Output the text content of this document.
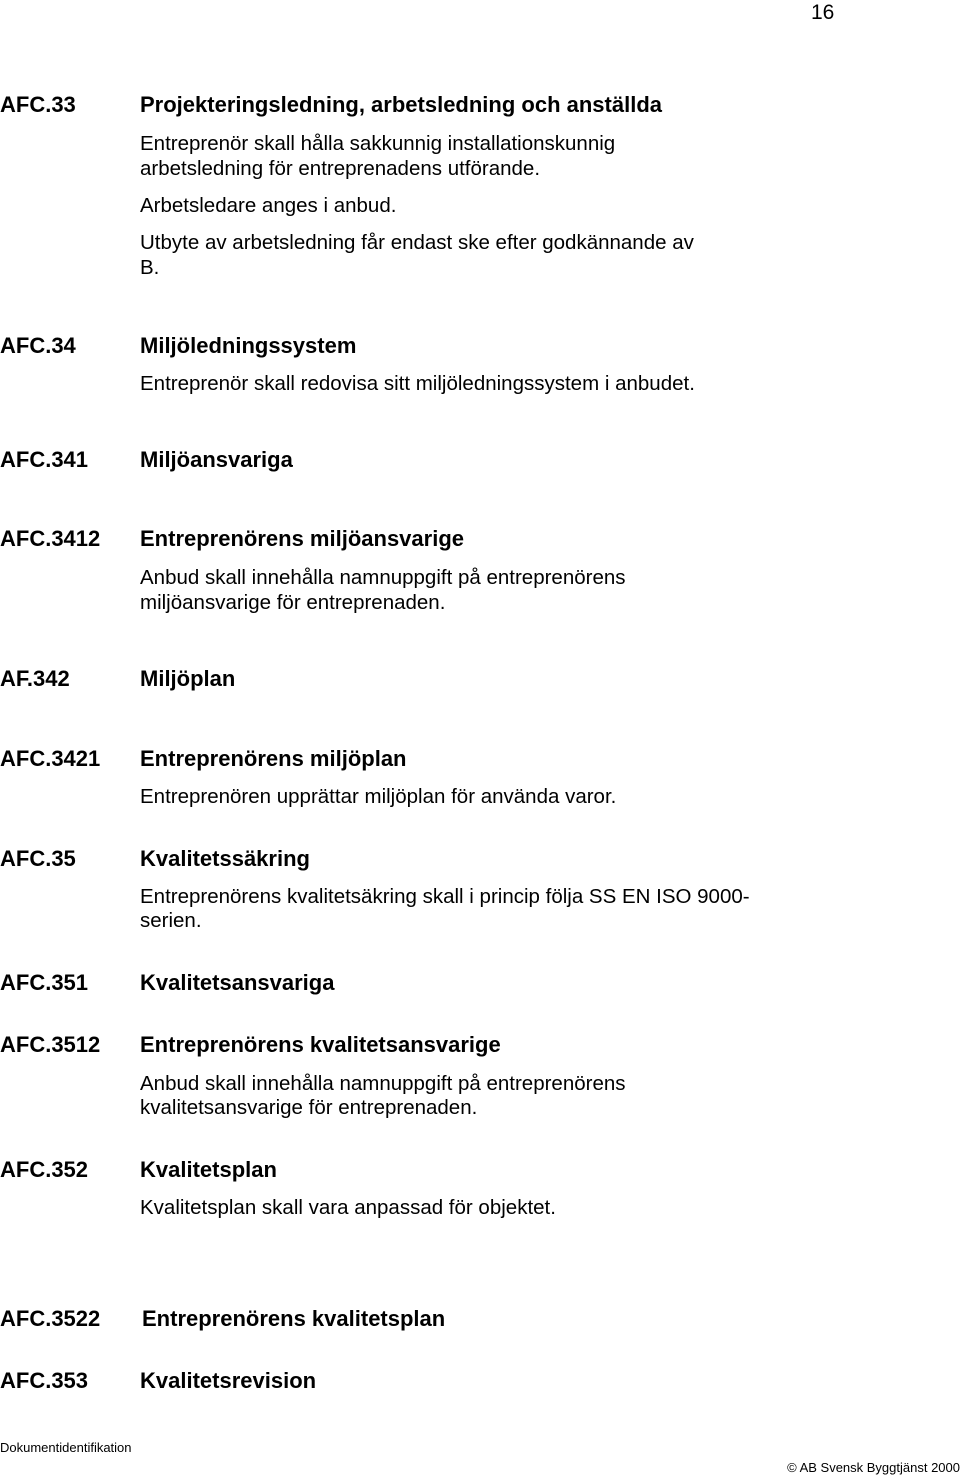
16
AFC.33	Projekteringsledning, arbetsledning och anställda
Entreprenör skall hålla sakkunnig installationskunnig
arbetsledning för entreprenadens utförande.
Arbetsledare anges i anbud.
Utbyte av arbetsledning får endast ske efter godkännande av
B.
AFC.34	Miljöledningssystem
Entreprenör skall redovisa sitt miljöledningssystem i anbudet.
AFC.341 Miljöansvariga
AFC.3412 Entreprenörens miljöansvarige
Anbud skall innehålla namnuppgift på entreprenörens
miljöansvarige för entreprenaden.
AF.342	Miljöplan
AFC.3421 Entreprenörens miljöplan
Entreprenören upprättar miljöplan för använda varor.
AFC.35	Kvalitetssäkring
Entreprenörens kvalitetsäkring skall i princip följa SS EN ISO 9000-
serien.
AFC.351 Kvalitetsansvariga
AFC.3512 Entreprenörens kvalitetsansvarige
Anbud skall innehålla namnuppgift på entreprenörens
kvalitetsansvarige för entreprenaden.
AFC.352 Kvalitetsplan
Kvalitetsplan skall vara anpassad för objektet.
AFC.3522 Entreprenörens kvalitetsplan
AFC.353 Kvalitetsrevision
Dokumentidentifikation
© AB Svensk Byggtjänst 2000
